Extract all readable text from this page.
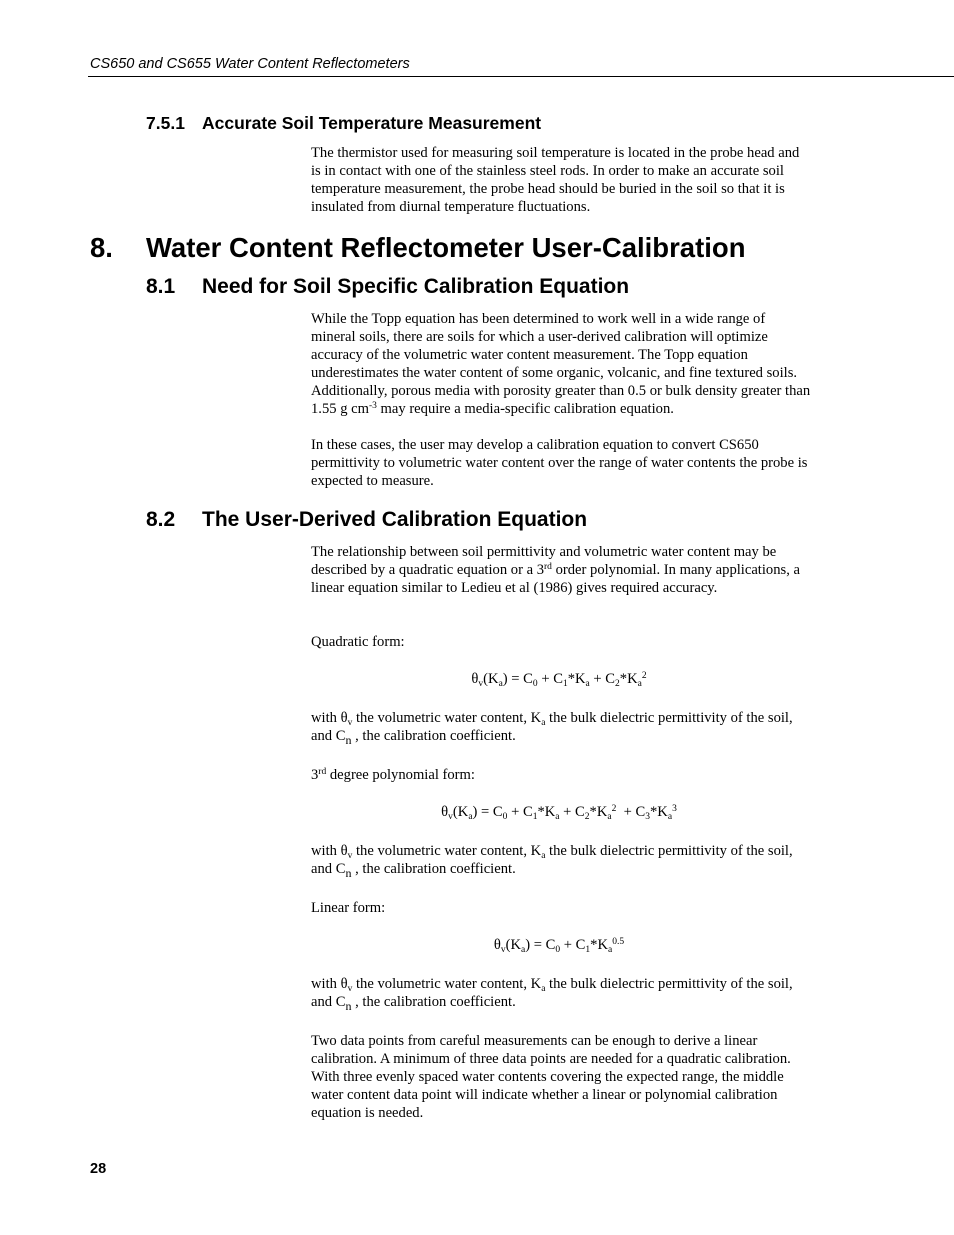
CS650 and CS655 Water Content Reflectometers
7.5.1 Accurate Soil Temperature Measurement
The thermistor used for measuring soil temperature is located in the probe head and is in contact with one of the stainless steel rods. In order to make an accurate soil temperature measurement, the probe head should be buried in the soil so that it is insulated from diurnal temperature fluctuations.
8. Water Content Reflectometer User-Calibration
8.1 Need for Soil Specific Calibration Equation
While the Topp equation has been determined to work well in a wide range of mineral soils, there are soils for which a user-derived calibration will optimize accuracy of the volumetric water content measurement. The Topp equation underestimates the water content of some organic, volcanic, and fine textured soils. Additionally, porous media with porosity greater than 0.5 or bulk density greater than 1.55 g $cm^{-3}$ may require a media-specific calibration equation.
In these cases, the user may develop a calibration equation to convert CS650 permittivity to volumetric water content over the range of water contents the probe is expected to measure.
8.2 The User-Derived Calibration Equation
The relationship between soil permittivity and volumetric water content may be described by a quadratic equation or a 3rd order polynomial. In many applications, a linear equation similar to Ledieu et al (1986) gives required accuracy.
Quadratic form:
$\theta_v(K_a) = C_0 + C_1*K_a + C_2*K_a^2$
with $\theta_v$ the volumetric water content, $K_a$ the bulk dielectric permittivity of the soil, and $C_n$ , the calibration coefficient.
3rd degree polynomial form:
$\theta_v(K_a) = C_0 + C_1*K_a + C_2*K_a^2 + C_3*K_a^3$
with $\theta_v$ the volumetric water content, $K_a$ the bulk dielectric permittivity of the soil, and $C_n$ , the calibration coefficient.
Linear form:
$\theta_v(K_a) = C_0 + C_1*K_a^{0.5}$
with $\theta_v$ the volumetric water content, $K_a$ the bulk dielectric permittivity of the soil, and $C_n$ , the calibration coefficient.
Two data points from careful measurements can be enough to derive a linear calibration. A minimum of three data points are needed for a quadratic calibration. With three evenly spaced water contents covering the expected range, the middle water content data point will indicate whether a linear or polynomial calibration equation is needed.
28
